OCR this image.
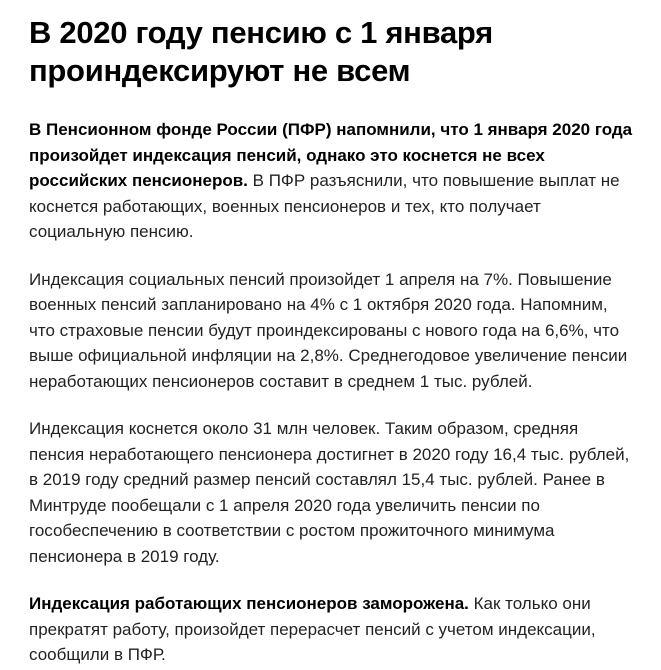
В 2020 году пенсию с 1 января проиндексируют не всем

В Пенсионном фонде России (ПФР) напомнили, что 1 января 2020 года произойдет индексация пенсий, однако это коснется не всех российских пенсионеров. В ПФР разъяснили, что повышение выплат не коснется работающих, военных пенсионеров и тех, кто получает социальную пенсию.

Индексация социальных пенсий произойдет 1 апреля на 7%. Повышение военных пенсий запланировано на 4% с 1 октября 2020 года. Напомним, что страховые пенсии будут проиндексированы с нового года на 6,6%, что выше официальной инфляции на 2,8%. Среднегодовое увеличение пенсии неработающих пенсионеров составит в среднем 1 тыс. рублей.

Индексация коснется около 31 млн человек. Таким образом, средняя пенсия неработающего пенсионера достигнет в 2020 году 16,4 тыс. рублей, в 2019 году средний размер пенсий составлял 15,4 тыс. рублей. Ранее в Минтруде пообещали с 1 апреля 2020 года увеличить пенсии по гособеспечению в соответствии с ростом прожиточного минимума пенсионера в 2019 году.

Индексация работающих пенсионеров заморожена. Как только они прекратят работу, произойдет перерасчет пенсий с учетом индексации, сообщили в ПФР.
